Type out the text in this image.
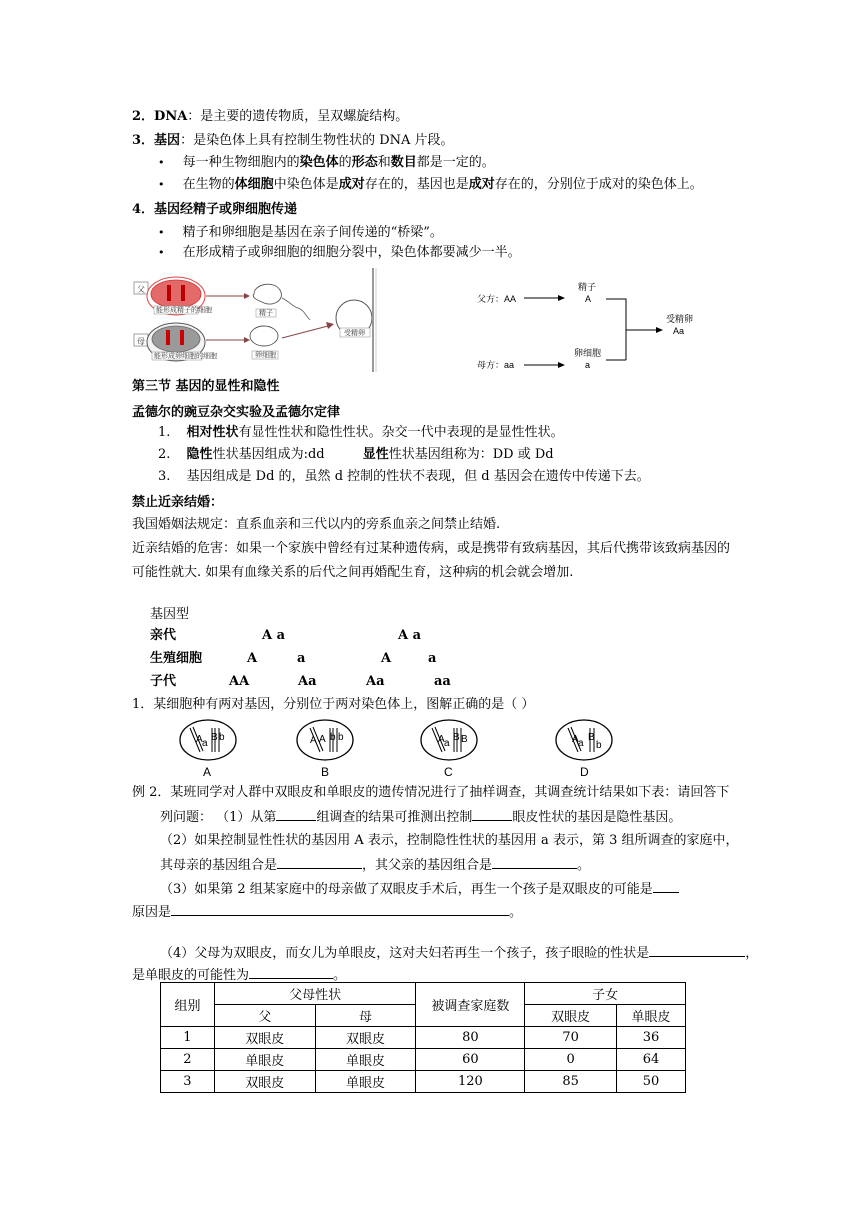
2．DNA：是主要的遗传物质，呈双螺旋结构。
3．基因：是染色体上具有控制生物性状的 DNA 片段。
• 每一种生物细胞内的染色体的形态和数目都是一定的。
• 在生物的体细胞中染色体是成对存在的，基因也是成对存在的，分别位于成对的染色体上。
4．基因经精子或卵细胞传递
• 精子和卵细胞是基因在亲子间传递的“桥梁”。
• 在形成精子或卵细胞的细胞分裂中，染色体都要减少一半。
父
能形成精子的细胞	精子
母
能形成卵细胞的细胞	卵细胞
受精卵
父方：AA
母方：aa
精子
A
卵细胞
a
受精卵
Aa
第三节 基因的显性和隐性
孟德尔的豌豆杂交实验及孟德尔定律
1. 相对性状有显性性状和隐性性状。杂交一代中表现的是显性性状。
2. 隐性性状基因组成为:dd	显性性状基因组称为：DD 或 Dd
3. 基因组成是 Dd 的，虽然 d 控制的性状不表现，但 d 基因会在遗传中传递下去。
禁止近亲结婚：
我国婚姻法规定：直系血亲和三代以内的旁系血亲之间禁止结婚.
近亲结婚的危害：如果一个家族中曾经有过某种遗传病，或是携带有致病基因，其后代携带该致病基因的
可能性就大. 如果有血缘关系的后代之间再婚配生育，这种病的机会就会增加.
基因型
亲代	A a	A a
生殖细胞	A	a	A	a
子代	AA	Aa	Aa	aa
1．某细胞种有两对基因，分别位于两对染色体上，图解正确的是（ ）
A a
B b
A
A A b b
B
A a
B B
C
A a
B
b
D
例 2．某班同学对人群中双眼皮和单眼皮的遗传情况进行了抽样调查，其调查统计结果如下表：请回答下
列问题： （1）从第	组调查的结果可推测出控制	眼皮性状的基因是隐性基因。
（2）如果控制显性性状的基因用 A 表示，控制隐性性状的基因用 a 表示，第 3 组所调查的家庭中，
其母亲的基因组合是	，其父亲的基因组合是	。
（3）如果第 2 组某家庭中的母亲做了双眼皮手术后，再生一个孩子是双眼皮的可能是
原因是	。
（4）父母为双眼皮，而女儿为单眼皮，这对夫妇若再生一个孩子，孩子眼睑的性状是	，
是单眼皮的可能性为	。
组别	父母性状		被调查家庭数	子女	
	父	母		双眼皮	单眼皮
1	双眼皮	双眼皮	80	70	36
2	单眼皮	单眼皮	60	0	64
3	双眼皮	单眼皮	120	85	50
